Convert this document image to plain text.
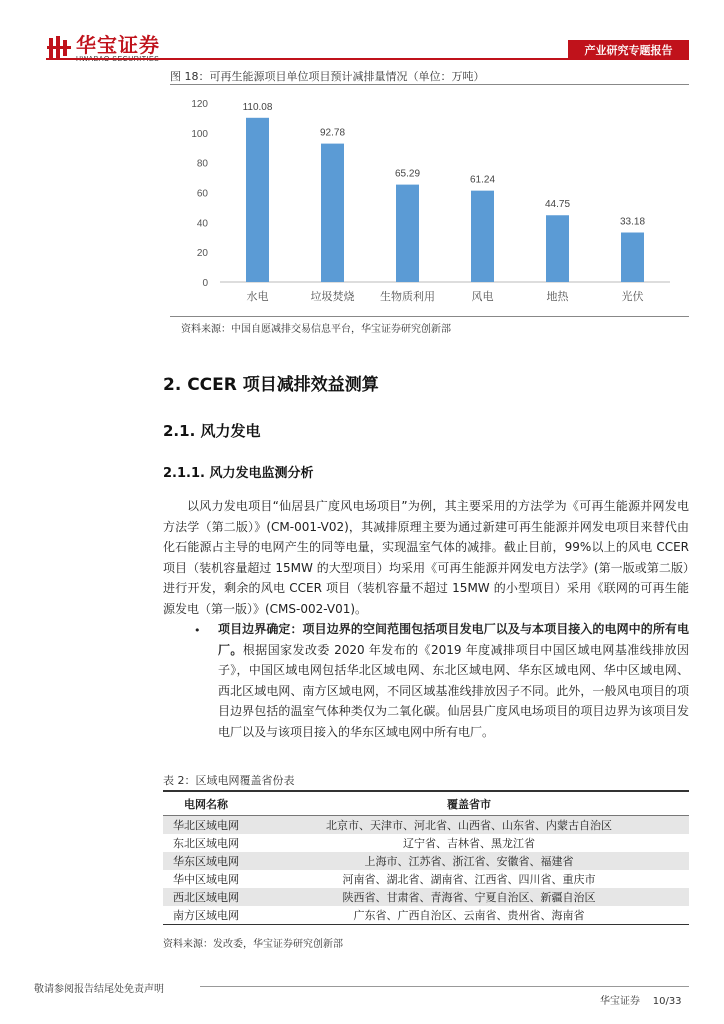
华宝证券	产业研究专题报告
图 18：可再生能源项目单位项目预计减排量情况（单位：万吨）
0
20
40
60
80
100
120	110.08
水电
92.78
垃圾焚烧
65.29
生物质利用
61.24
风电
44.75
地热
33.18
光伏
资料来源：中国自愿减排交易信息平台，华宝证券研究创新部
2. CCER 项目减排效益测算
2.1. 风力发电
2.1.1. 风力发电监测分析

以风力发电项目“仙居县广度风电场项目”为例，其主要采用的方法学为《可再生能源并网发电方法学（第二版）》(CM-001-V02)，其减排原理主要为通过新建可再生能源并网发电项目来替代由化石能源占主导的电网产生的同等电量，实现温室气体的减排。截止目前，99%以上的风电 CCER 项目（装机容量超过 15MW 的大型项目）均采用《可再生能源并网发电方法学》(第一版或第二版）进行开发，剩余的风电 CCER 项目（装机容量不超过 15MW 的小型项目）采用《联网的可再生能源发电（第一版）》(CMS-002-V01)。

• 项目边界确定：项目边界的空间范围包括项目发电厂以及与本项目接入的电网中的所有电厂。根据国家发改委 2020 年发布的《2019 年度减排项目中国区域电网基准线排放因子》，中国区域电网包括华北区域电网、东北区域电网、华东区域电网、华中区域电网、西北区域电网、南方区域电网，不同区域基准线排放因子不同。此外，一般风电项目的项目边界包括的温室气体种类仅为二氧化碳。仙居县广度风电场项目的项目边界为该项目发电厂以及与该项目接入的华东区域电网中所有电厂。
表 2：区域电网覆盖省份表
电网名称	覆盖省市
华北区域电网	北京市、天津市、河北省、山西省、山东省、内蒙古自治区
东北区域电网	辽宁省、吉林省、黑龙江省
华东区域电网	上海市、江苏省、浙江省、安徽省、福建省
华中区域电网	河南省、湖北省、湖南省、江西省、四川省、重庆市
西北区域电网	陕西省、甘肃省、青海省、宁夏自治区、新疆自治区
南方区域电网	广东省、广西自治区、云南省、贵州省、海南省
资料来源：发改委，华宝证券研究创新部
敬请参阅报告结尾处免责声明
华宝证券 10/33
